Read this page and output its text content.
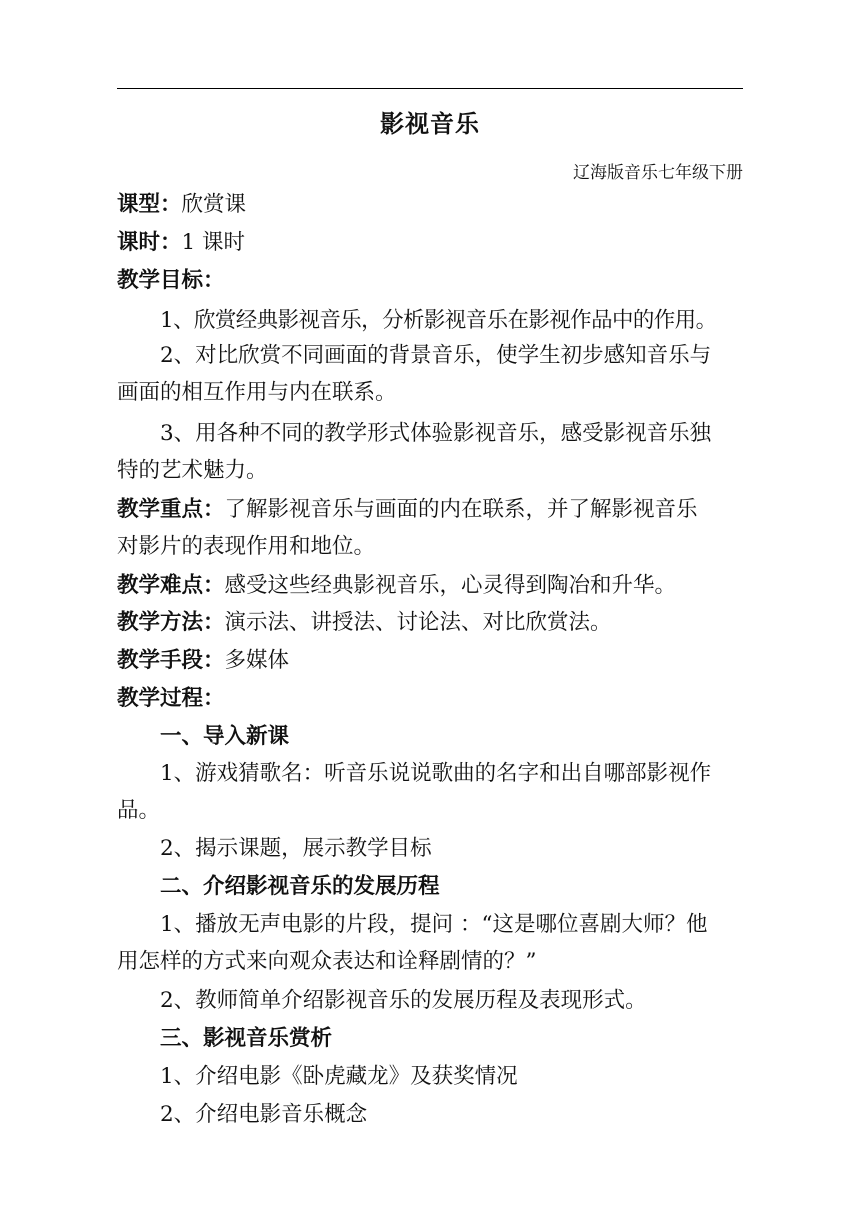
影视音乐
辽海版音乐七年级下册
课型：欣赏课
课时：1 课时
教学目标：
1、欣赏经典影视音乐，分析影视音乐在影视作品中的作用。
2、对比欣赏不同画面的背景音乐，使学生初步感知音乐与
画面的相互作用与内在联系。
3、用各种不同的教学形式体验影视音乐，感受影视音乐独
特的艺术魅力。
教学重点：了解影视音乐与画面的内在联系，并了解影视音乐
对影片的表现作用和地位。
教学难点：感受这些经典影视音乐，心灵得到陶冶和升华。
教学方法：演示法、讲授法、讨论法、对比欣赏法。
教学手段：多媒体
教学过程：
一、导入新课
1、游戏猜歌名：听音乐说说歌曲的名字和出自哪部影视作
品。
2、揭示课题，展示教学目标
二、介绍影视音乐的发展历程
1、播放无声电影的片段，提问 ：“这是哪位喜剧大师？他
用怎样的方式来向观众表达和诠释剧情的？”
2、教师简单介绍影视音乐的发展历程及表现形式。
三、影视音乐赏析
1、介绍电影《卧虎藏龙》及获奖情况
2、介绍电影音乐概念
